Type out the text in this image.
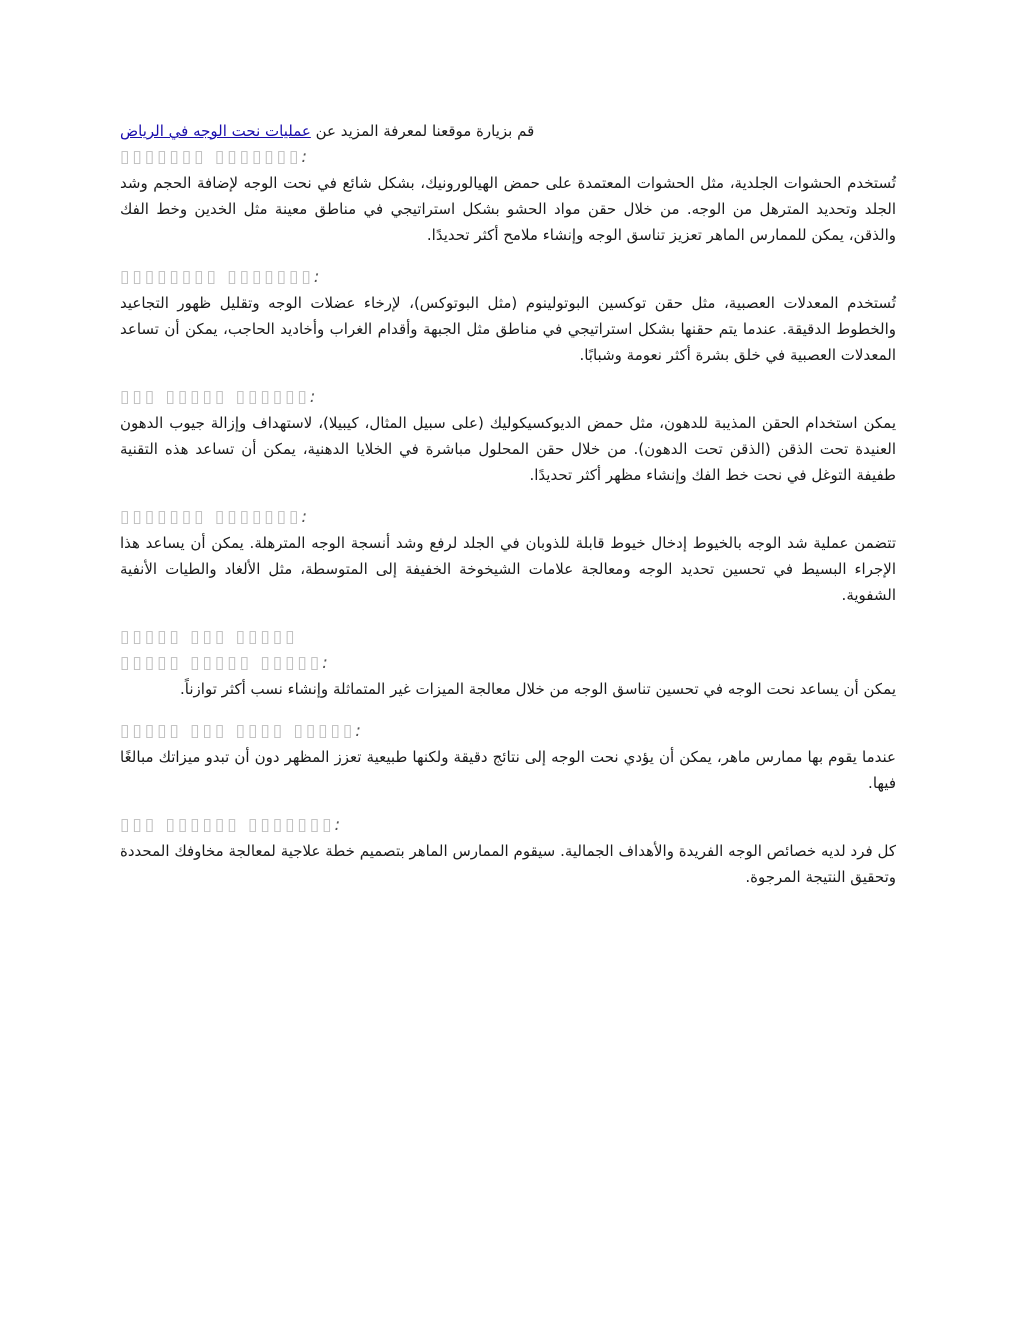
قم بزيارة موقعنا لمعرفة المزيد عن عمليات نحت الوجه في الرياض
▯▯▯▯▯▯▯ ▯▯▯▯▯▯▯:

تُستخدم الحشوات الجلدية، مثل الحشوات المعتمدة على حمض الهيالورونيك، بشكل شائع في نحت الوجه لإضافة الحجم وشد الجلد وتحديد المترهل من الوجه. من خلال حقن مواد الحشو بشكل استراتيجي في مناطق معينة مثل الخدين وخط الفك والذقن، يمكن للممارس الماهر تعزيز تناسق الوجه وإنشاء ملامح أكثر تحديدًا.

▯▯▯▯▯▯▯▯ ▯▯▯▯▯▯▯:

تُستخدم المعدلات العصبية، مثل حقن توكسين البوتولينوم (مثل البوتوكس)، لإرخاء عضلات الوجه وتقليل ظهور التجاعيد والخطوط الدقيقة. عندما يتم حقنها بشكل استراتيجي في مناطق مثل الجبهة وأقدام الغراب وأخاديد الحاجب، يمكن أن تساعد المعدلات العصبية في خلق بشرة أكثر نعومة وشبابًا.

▯▯▯ ▯▯▯▯▯ ▯▯▯▯▯▯:

يمكن استخدام الحقن المذيبة للدهون، مثل حمض الديوكسيكوليك (على سبيل المثال، كيبيلا)، لاستهداف وإزالة جيوب الدهون العنيدة تحت الذقن (الذقن تحت الدهون). من خلال حقن المحلول مباشرة في الخلايا الدهنية، يمكن أن تساعد هذه التقنية طفيفة التوغل في نحت خط الفك وإنشاء مظهر أكثر تحديدًا.

▯▯▯▯▯▯▯ ▯▯▯▯▯▯▯:

تتضمن عملية شد الوجه بالخيوط إدخال خيوط قابلة للذوبان في الجلد لرفع وشد أنسجة الوجه المترهلة. يمكن أن يساعد هذا الإجراء البسيط في تحسين تحديد الوجه ومعالجة علامات الشيخوخة الخفيفة إلى المتوسطة، مثل الألغاد والطيات الأنفية الشفوية.

▯▯▯▯▯ ▯▯▯ ▯▯▯▯▯
▯▯▯▯▯ ▯▯▯▯▯ ▯▯▯▯▯:

يمكن أن يساعد نحت الوجه في تحسين تناسق الوجه من خلال معالجة الميزات غير المتماثلة وإنشاء نسب أكثر توازناً.

▯▯▯▯▯ ▯▯▯ ▯▯▯▯ ▯▯▯▯▯:

عندما يقوم بها ممارس ماهر، يمكن أن يؤدي نحت الوجه إلى نتائج دقيقة ولكنها طبيعية تعزز المظهر دون أن تبدو ميزاتك مبالغًا فيها.

▯▯▯ ▯▯▯▯▯▯ ▯▯▯▯▯▯▯:

كل فرد لديه خصائص الوجه الفريدة والأهداف الجمالية. سيقوم الممارس الماهر بتصميم خطة علاجية لمعالجة مخاوفك المحددة وتحقيق النتيجة المرجوة.
